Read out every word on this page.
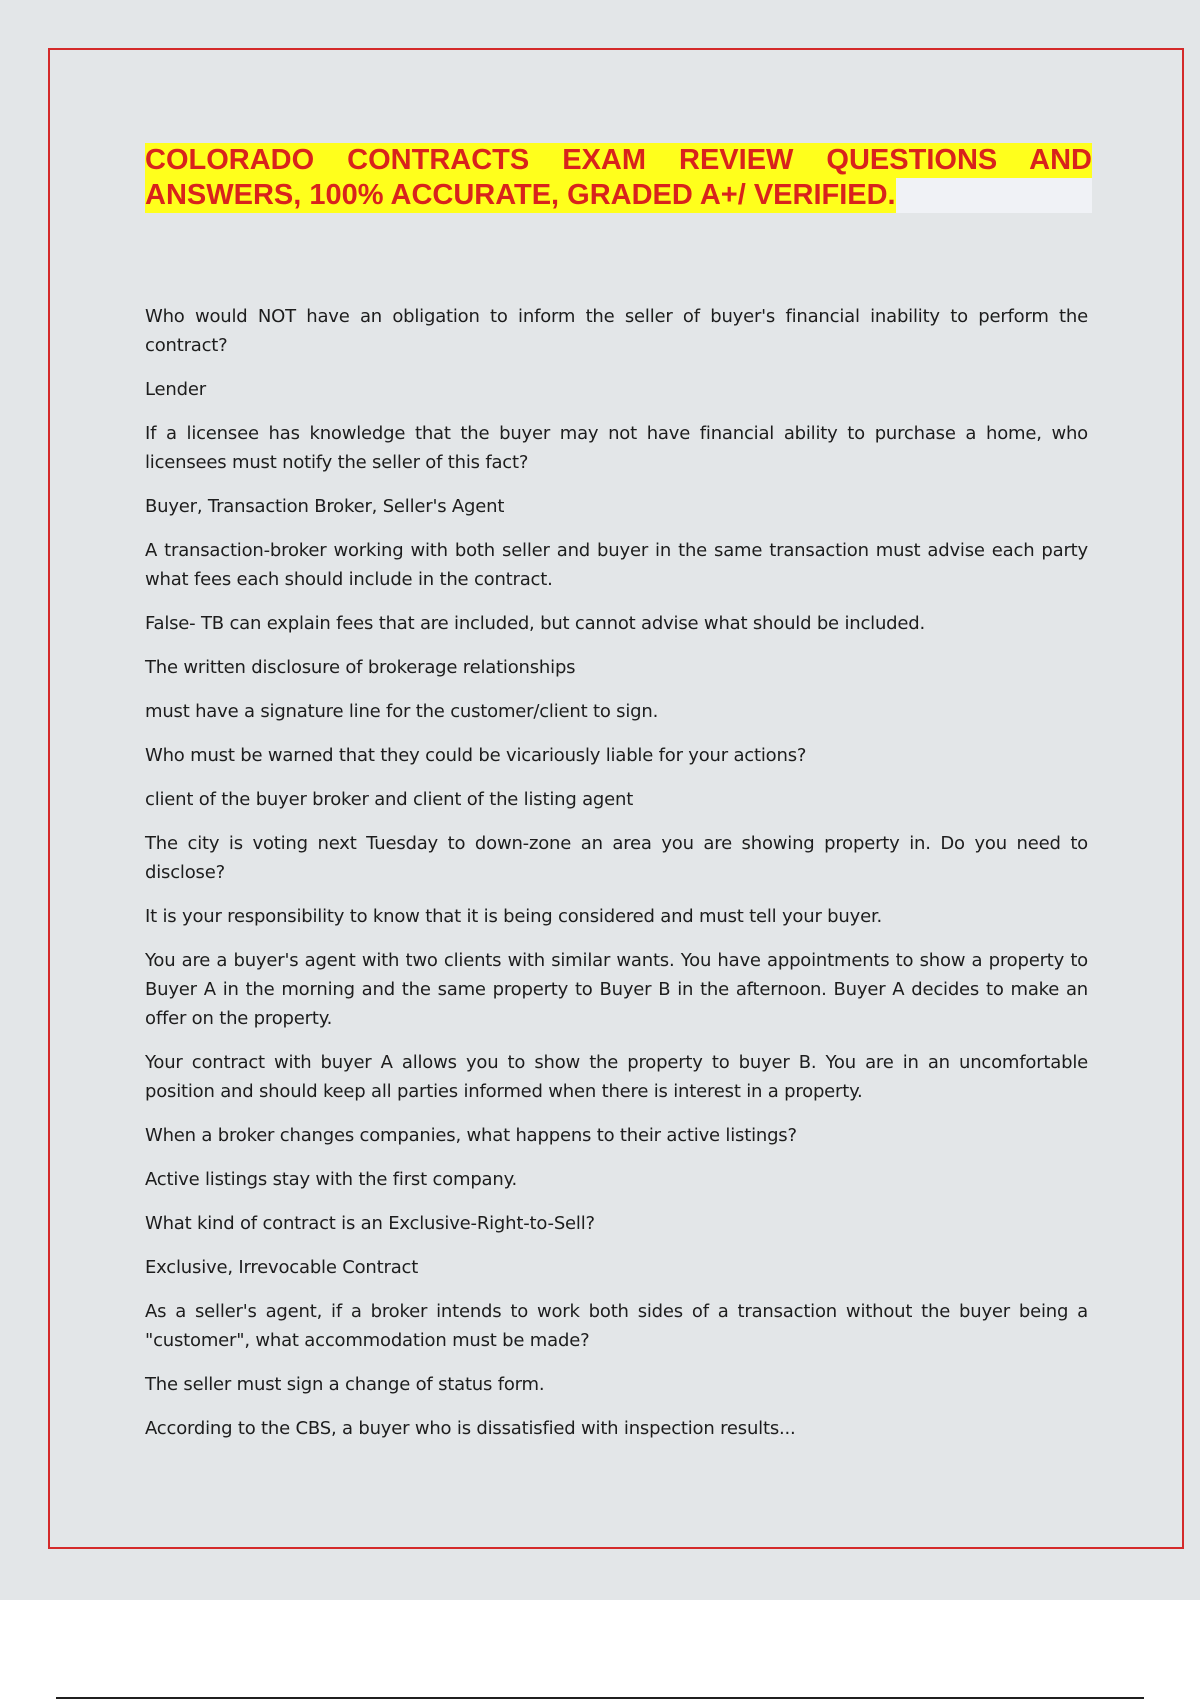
COLORADO CONTRACTS EXAM REVIEW QUESTIONS AND
ANSWERS, 100% ACCURATE, GRADED A+/ VERIFIED.

Who would NOT have an obligation to inform the seller of buyer's financial inability to perform the contract?

Lender

If a licensee has knowledge that the buyer may not have financial ability to purchase a home, who licensees must notify the seller of this fact?

Buyer, Transaction Broker, Seller's Agent

A transaction-broker working with both seller and buyer in the same transaction must advise each party what fees each should include in the contract.

False- TB can explain fees that are included, but cannot advise what should be included.

The written disclosure of brokerage relationships

must have a signature line for the customer/client to sign.

Who must be warned that they could be vicariously liable for your actions?

client of the buyer broker and client of the listing agent

The city is voting next Tuesday to down-zone an area you are showing property in. Do you need to disclose?

It is your responsibility to know that it is being considered and must tell your buyer.

You are a buyer's agent with two clients with similar wants. You have appointments to show a property to Buyer A in the morning and the same property to Buyer B in the afternoon. Buyer A decides to make an offer on the property.

Your contract with buyer A allows you to show the property to buyer B. You are in an uncomfortable position and should keep all parties informed when there is interest in a property.

When a broker changes companies, what happens to their active listings?

Active listings stay with the first company.

What kind of contract is an Exclusive-Right-to-Sell?

Exclusive, Irrevocable Contract

As a seller's agent, if a broker intends to work both sides of a transaction without the buyer being a "customer", what accommodation must be made?

The seller must sign a change of status form.

According to the CBS, a buyer who is dissatisfied with inspection results...
